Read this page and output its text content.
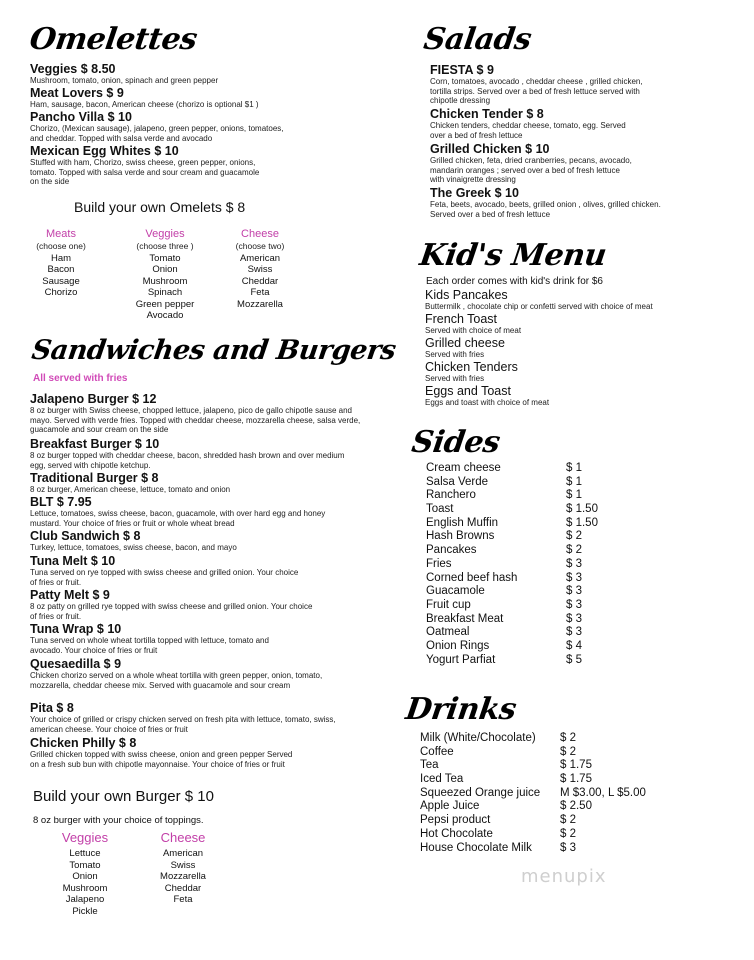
Omelettes
Veggies $ 8.50
Mushroom, tomato, onion, spinach and green pepper
Meat Lovers $ 9
Ham, sausage, bacon, American cheese (chorizo is optional $1 )
Pancho Villa $ 10
Chorizo, (Mexican sausage), jalapeno, green pepper, onions, tomatoes, and cheddar. Topped with salsa verde and avocado
Mexican Egg Whites $ 10
Stuffed with ham, Chorizo, swiss cheese, green pepper, onions, tomato. Topped with salsa verde and sour cream and guacamole on the side
Build your own Omelets $ 8
Meats
(choose one)
Ham
Bacon
Sausage
Chorizo
Veggies
(choose three )
Tomato
Onion
Mushroom
Spinach
Green pepper
Avocado
Cheese
(choose two)
American
Swiss
Cheddar
Feta
Mozzarella
Sandwiches and Burgers
All served with fries
Jalapeno Burger $ 12
8 oz burger with Swiss cheese, chopped lettuce, jalapeno, pico de gallo chipotle sause and mayo. Served with verde fries. Topped with cheddar cheese, mozzarella cheese, salsa verde, guacamole and sour cream on the side
Breakfast Burger $ 10
8 oz burger topped with cheddar cheese, bacon, shredded hash brown and over medium egg, served with chipotle ketchup.
Traditional Burger $ 8
8 oz burger, American cheese, lettuce, tomato and onion
BLT $ 7.95
Lettuce, tomatoes, swiss cheese, bacon, guacamole, with over hard egg and honey mustard. Your choice of fries or fruit or whole wheat bread
Club Sandwich $ 8
Turkey, lettuce, tomatoes, swiss cheese, bacon, and mayo
Tuna Melt $ 10
Tuna served on rye topped with swiss cheese and grilled onion. Your choice of fries or fruit.
Patty Melt $ 9
8 oz patty on grilled rye topped with swiss cheese and grilled onion. Your choice of fries or fruit.
Tuna Wrap $ 10
Tuna served on whole wheat tortilla topped with lettuce, tomato and avocado. Your choice of fries or fruit
Quesaedilla $ 9
Chicken chorizo served on a whole wheat tortilla with green pepper, onion, tomato, mozzarella, cheddar cheese mix. Served with guacamole and sour cream
Pita $ 8
Your choice of grilled or crispy chicken served on fresh pita with lettuce, tomato, swiss, american cheese. Your choice of fries or fruit
Chicken Philly $ 8
Grilled chicken topped with swiss cheese, onion and green pepper Served on a fresh sub bun with chipotle mayonnaise. Your choice of fries or fruit
Build your own Burger $ 10
8 oz burger with your choice of toppings.
Veggies
Lettuce
Tomato
Onion
Mushroom
Jalapeno
Pickle
Cheese
American
Swiss
Mozzarella
Cheddar
Feta
Salads
FIESTA $ 9
Corn, tomatoes, avocado , cheddar cheese , grilled chicken, tortilla strips. Served over a bed of fresh lettuce served with chipotle dressing
Chicken Tender $ 8
Chicken tenders, cheddar cheese, tomato, egg. Served over a bed of fresh lettuce
Grilled Chicken $ 10
Grilled chicken, feta, dried cranberries, pecans, avocado, mandarin oranges ; served over a bed of fresh lettuce with vinaigrette dressing
The Greek $ 10
Feta, beets, avocado, beets, grilled onion , olives, grilled chicken. Served over a bed of fresh lettuce
Kid's Menu
Each order comes with kid's drink for $6
Kids Pancakes
Buttermilk , chocolate chip or confetti served with choice of meat
French Toast
Served with choice of meat
Grilled cheese
Served with fries
Chicken Tenders
Served with fries
Eggs and Toast
Eggs and toast with choice of meat
Sides
Cream cheese	$ 1
Salsa Verde	$ 1
Ranchero	$ 1
Toast	$ 1.50
English Muffin	$ 1.50
Hash Browns	$ 2
Pancakes	$ 2
Fries	$ 3
Corned beef hash	$ 3
Guacamole	$ 3
Fruit cup	$ 3
Breakfast Meat	$ 3
Oatmeal	$ 3
Onion Rings	$ 4
Yogurt Parfiat	$ 5
Drinks
Milk (White/Chocolate) $ 2
Coffee	$ 2
Tea	$ 1.75
Iced Tea	$ 1.75
Squeezed Orange juice M $3.00, L $5.00
Apple Juice	$ 2.50
Pepsi product	$ 2
Hot Chocolate	$ 2
House Chocolate Milk $ 3
menupix
